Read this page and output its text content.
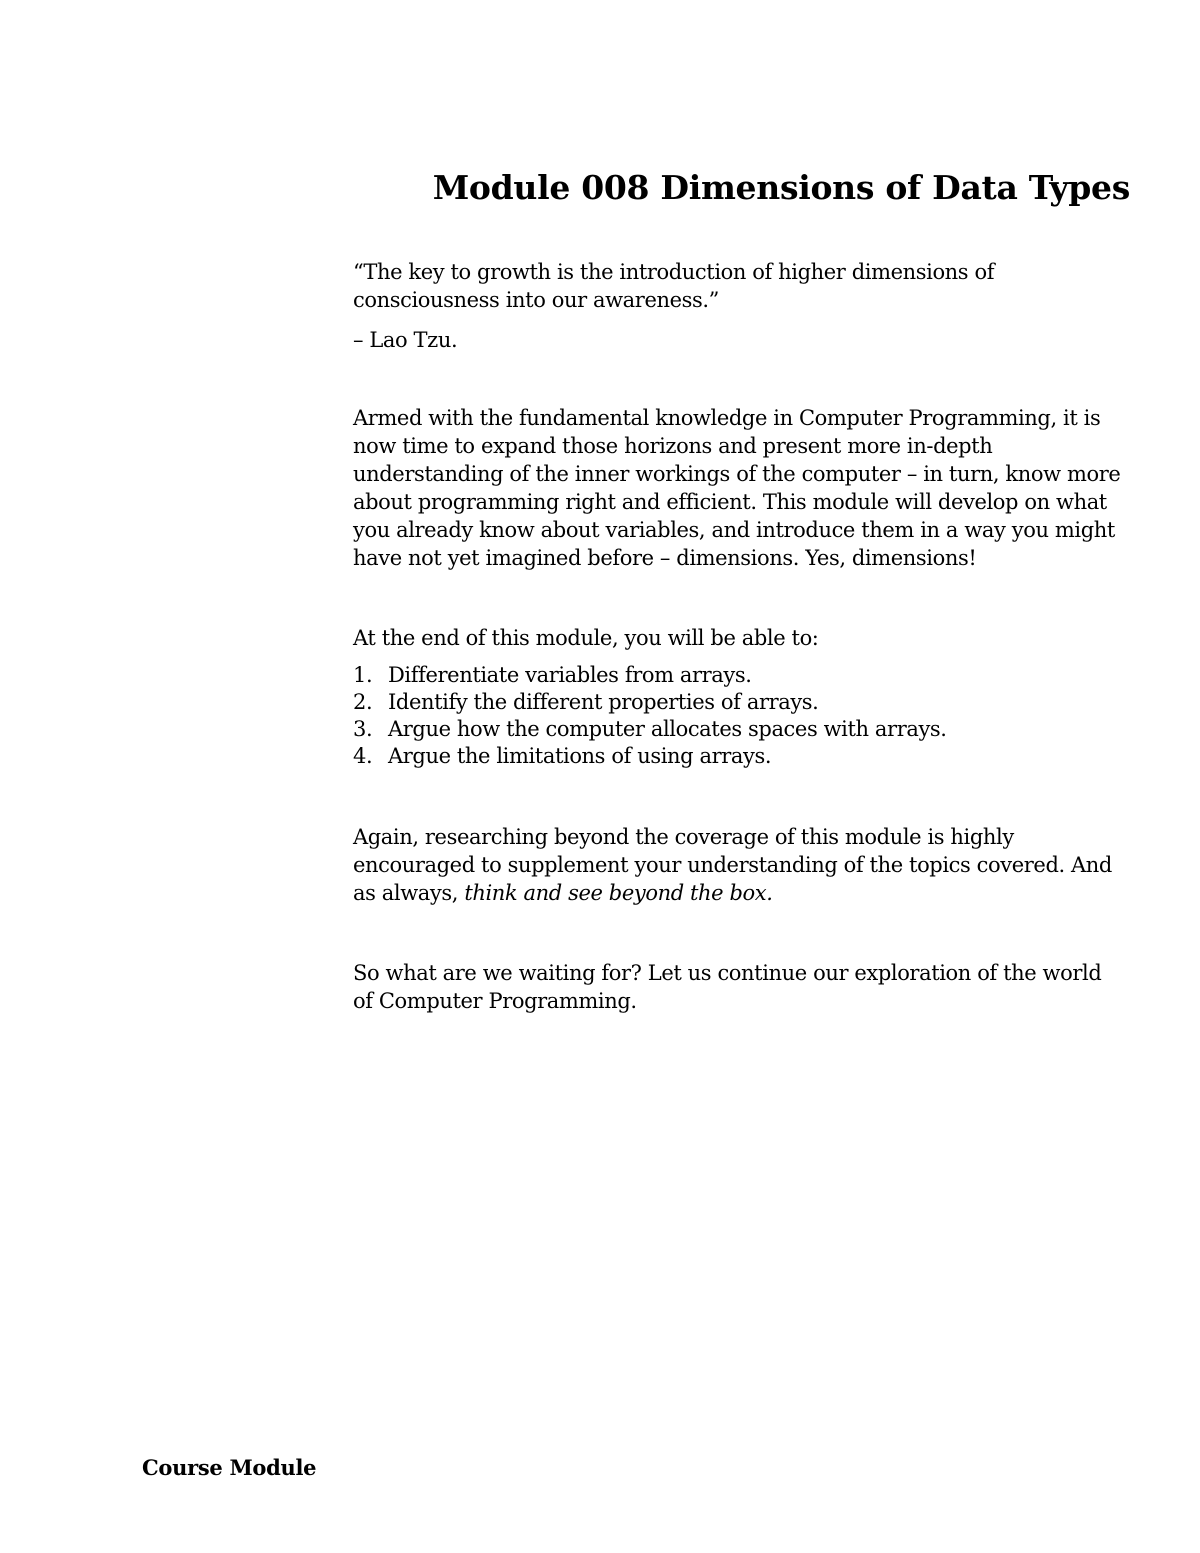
Module 008 Dimensions of Data Types

“The key to growth is the introduction of higher dimensions of consciousness into our awareness.”

– Lao Tzu.

Armed with the fundamental knowledge in Computer Programming, it is now time to expand those horizons and present more in-depth understanding of the inner workings of the computer – in turn, know more about programming right and efficient. This module will develop on what you already know about variables, and introduce them in a way you might have not yet imagined before – dimensions. Yes, dimensions!

At the end of this module, you will be able to:

1. Differentiate variables from arrays.
2. Identify the different properties of arrays.
3. Argue how the computer allocates spaces with arrays.
4. Argue the limitations of using arrays.

Again, researching beyond the coverage of this module is highly encouraged to supplement your understanding of the topics covered. And as always, think and see beyond the box.

So what are we waiting for? Let us continue our exploration of the world of Computer Programming.

Course Module
